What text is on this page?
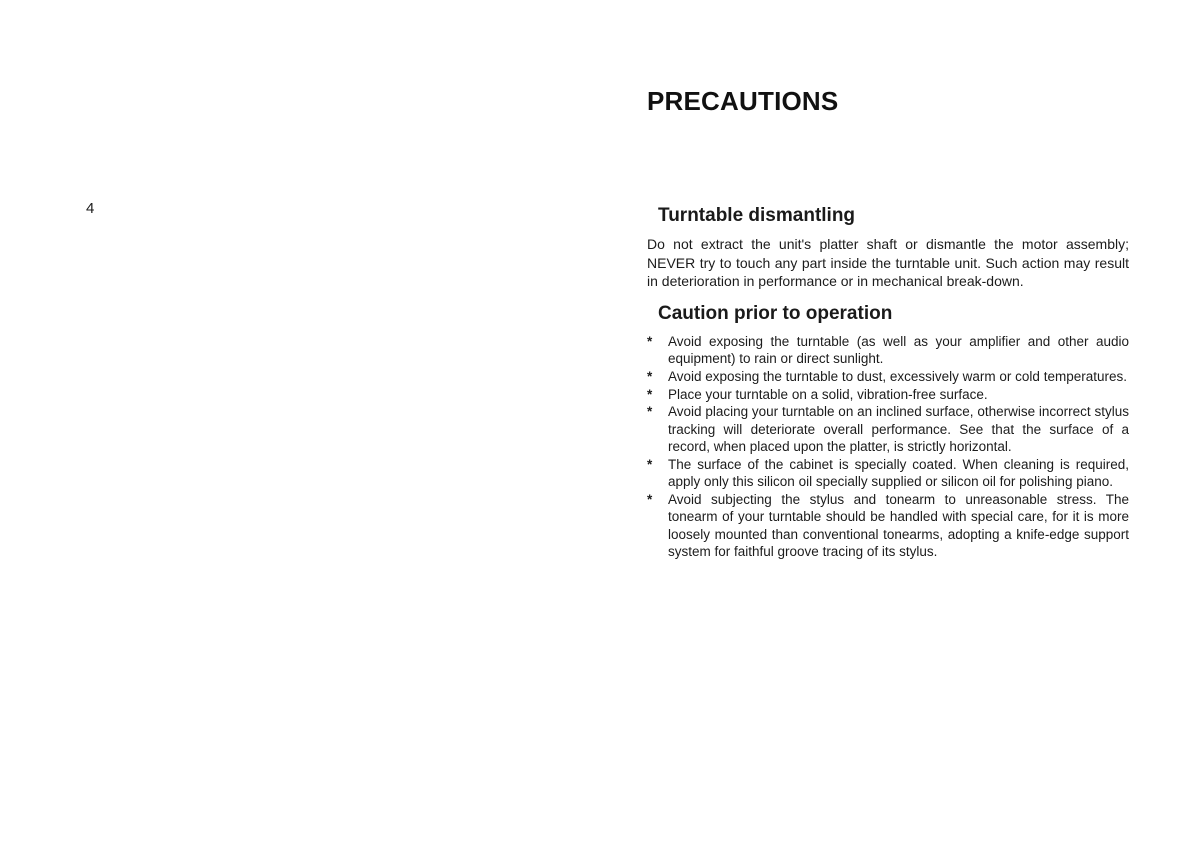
4
PRECAUTIONS
Turntable dismantling

Do not extract the unit's platter shaft or dismantle the motor assembly; NEVER try to touch any part inside the turntable unit. Such action may result in deterioration in performance or in mechanical break-down.

Caution prior to operation
* Avoid exposing the turntable (as well as your amplifier and other audio equipment) to rain or direct sunlight.
* Avoid exposing the turntable to dust, excessively warm or cold temperatures.
* Place your turntable on a solid, vibration-free surface.
* Avoid placing your turntable on an inclined surface, otherwise incorrect stylus tracking will deteriorate overall performance. See that the surface of a record, when placed upon the platter, is strictly horizontal.
* The surface of the cabinet is specially coated. When cleaning is required, apply only this silicon oil specially supplied or silicon oil for polishing piano.
* Avoid subjecting the stylus and tonearm to unreasonable stress. The tonearm of your turntable should be handled with special care, for it is more loosely mounted than conventional tonearms, adopting a knife-edge support system for faithful groove tracing of its stylus.
